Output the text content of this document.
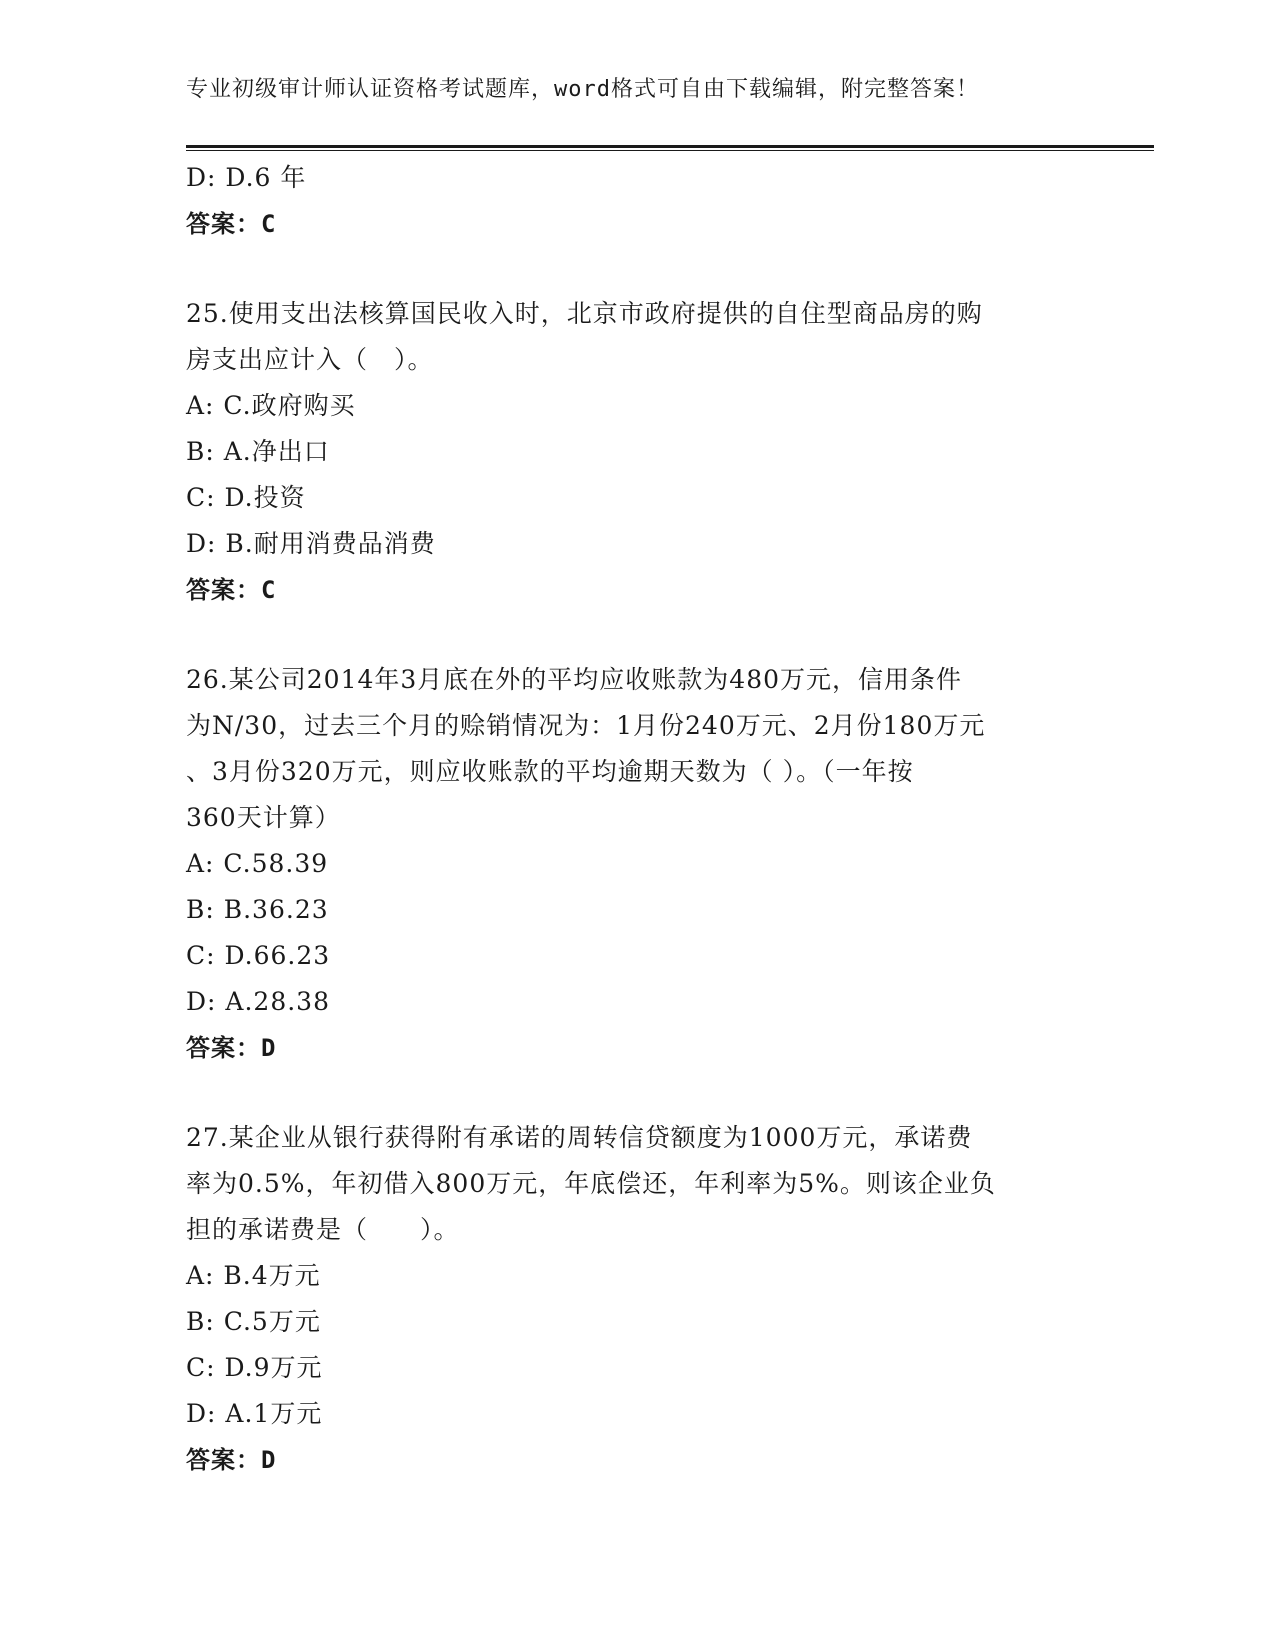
专业初级审计师认证资格考试题库，word格式可自由下载编辑，附完整答案！
D: D.6 年
答案：C
25.使用支出法核算国民收入时，北京市政府提供的自住型商品房的购
房支出应计入（　）。
A: C.政府购买
B: A.净出口
C: D.投资
D: B.耐用消费品消费
答案：C
26.某公司2014年3月底在外的平均应收账款为480万元，信用条件
为N/30，过去三个月的赊销情况为：1月份240万元、2月份180万元
、3月份320万元，则应收账款的平均逾期天数为（ ）。（一年按
360天计算）
A: C.58.39
B: B.36.23
C: D.66.23
D: A.28.38
答案：D
27.某企业从银行获得附有承诺的周转信贷额度为1000万元，承诺费
率为0.5%，年初借入800万元，年底偿还，年利率为5%。则该企业负
担的承诺费是（　　）。
A: B.4万元
B: C.5万元
C: D.9万元
D: A.1万元
答案：D
